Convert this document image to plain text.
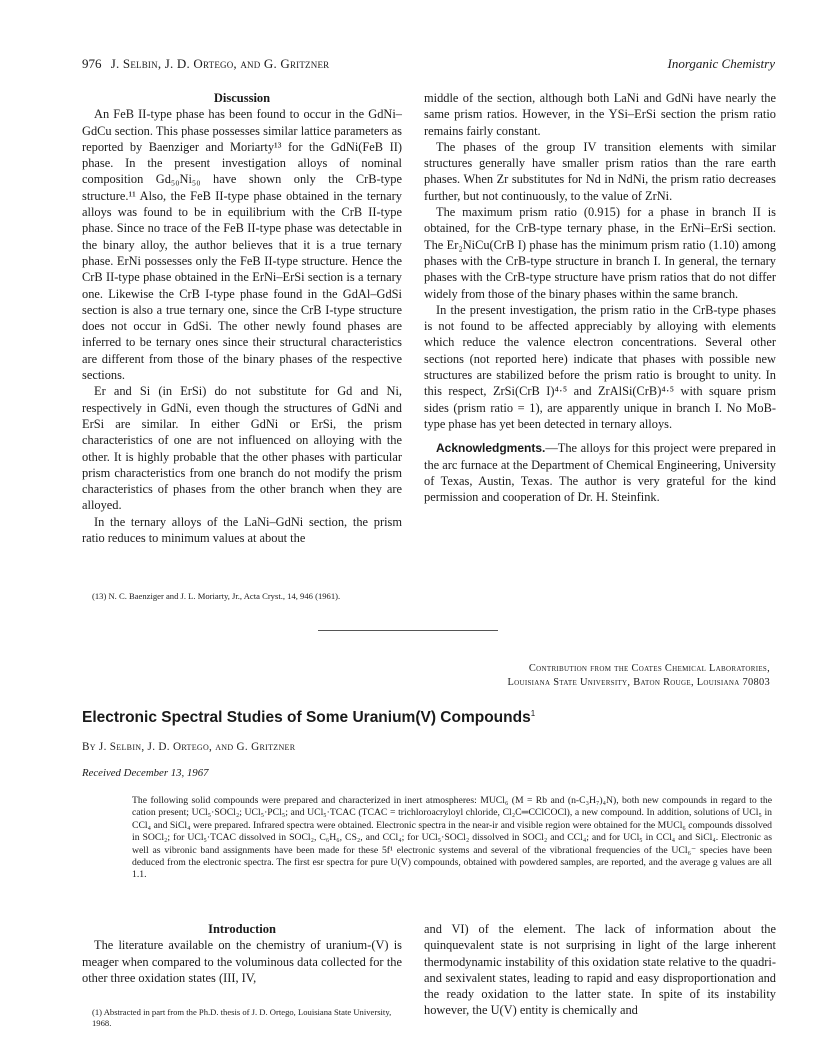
976 J. Selbin, J. D. Ortego, and G. Gritzner	Inorganic Chemistry

Discussion

An FeB II-type phase has been found to occur in the GdNi–GdCu section. This phase possesses similar lattice parameters as reported by Baenziger and Moriarty¹³ for the GdNi(FeB II) phase. In the present investigation alloys of nominal composition Gd₅₀Ni₅₀ have shown only the CrB-type structure.¹¹ Also, the FeB II-type phase obtained in the ternary alloys was found to be in equilibrium with the CrB II-type phase. Since no trace of the FeB II-type phase was detectable in the binary alloy, the author believes that it is a true ternary phase. ErNi possesses only the FeB II-type structure. Hence the CrB II-type phase obtained in the ErNi–ErSi section is a ternary one. Likewise the CrB I-type phase found in the GdAl–GdSi section is also a true ternary one, since the CrB I-type structure does not occur in GdSi. The other newly found phases are inferred to be ternary ones since their structural characteristics are different from those of the binary phases of the respective sections.

Er and Si (in ErSi) do not substitute for Gd and Ni, respectively in GdNi, even though the structures of GdNi and ErSi are similar. In either GdNi or ErSi, the prism characteristics of one are not influenced on alloying with the other. It is highly probable that the other phases with particular prism characteristics from one branch do not modify the prism characteristics of phases from the other branch when they are alloyed.

In the ternary alloys of the LaNi–GdNi section, the prism ratio reduces to minimum values at about the

(13) N. C. Baenziger and J. L. Moriarty, Jr., Acta Cryst., 14, 946 (1961).

middle of the section, although both LaNi and GdNi have nearly the same prism ratios. However, in the YSi–ErSi section the prism ratio remains fairly constant.

The phases of the group IV transition elements with similar structures generally have smaller prism ratios than the rare earth phases. When Zr substitutes for Nd in NdNi, the prism ratio decreases further, but not continuously, to the value of ZrNi.

The maximum prism ratio (0.915) for a phase in branch II is obtained, for the CrB-type ternary phase, in the ErNi–ErSi section. The Er₂NiCu(CrB I) phase has the minimum prism ratio (1.10) among phases with the CrB-type structure in branch I. In general, the ternary phases with the CrB-type structure have prism ratios that do not differ widely from those of the binary phases within the same branch.

In the present investigation, the prism ratio in the CrB-type phases is not found to be affected appreciably by alloying with elements which reduce the valence electron concentrations. Several other sections (not reported here) indicate that phases with possible new structures are stabilized before the prism ratio is brought to unity. In this respect, ZrSi(CrB I)⁴·⁵ and ZrAlSi(CrB)⁴·⁵ with square prism sides (prism ratio = 1), are apparently unique in branch I. No MoB-type phase has yet been detected in ternary alloys.

Acknowledgments.—The alloys for this project were prepared in the arc furnace at the Department of Chemical Engineering, University of Texas, Austin, Texas. The author is very grateful for the kind permission and cooperation of Dr. H. Steinfink.

Contribution from the Coates Chemical Laboratories,
Louisiana State University, Baton Rouge, Louisiana 70803
Electronic Spectral Studies of Some Uranium(V) Compounds$^1$
By J. Selbin, J. D. Ortego, and G. Gritzner
Received December 13, 1967
The following solid compounds were prepared and characterized in inert atmospheres: MUCl₆ (M = Rb and (n-C₃H₇)₄N), both new compounds in regard to the cation present; UCl₅·SOCl₂; UCl₅·PCl₅; and UCl₅·TCAC (TCAC = trichloroacryloyl chloride, Cl₂C═CClCOCl), a new compound. In addition, solutions of UCl₅ in CCl₄ and SiCl₄ were prepared. Infrared spectra were obtained. Electronic spectra in the near-ir and visible region were obtained for the MUCl₆ compounds dissolved in SOCl₂; for UCl₅·TCAC dissolved in SOCl₂, C₆H₆, CS₂, and CCl₄; for UCl₅·SOCl₂ dissolved in SOCl₂ and CCl₄; and for UCl₅ in CCl₄ and SiCl₄. Electronic as well as vibronic band assignments have been made for these 5f¹ electronic systems and several of the vibrational frequencies of the UCl₆⁻ species have been deduced from the electronic spectra. The first esr spectra for pure U(V) compounds, obtained with powdered samples, are reported, and the average g values are all 1.1.

Introduction

The literature available on the chemistry of uranium-(V) is meager when compared to the voluminous data collected for the other three oxidation states (III, IV,

(1) Abstracted in part from the Ph.D. thesis of J. D. Ortego, Louisiana State University, 1968.

and VI) of the element. The lack of information about the quinquevalent state is not surprising in light of the large inherent thermodynamic instability of this oxidation state relative to the quadri- and sexivalent states, leading to rapid and easy disproportionation and the ready oxidation to the latter state. In spite of its instability however, the U(V) entity is chemically and
